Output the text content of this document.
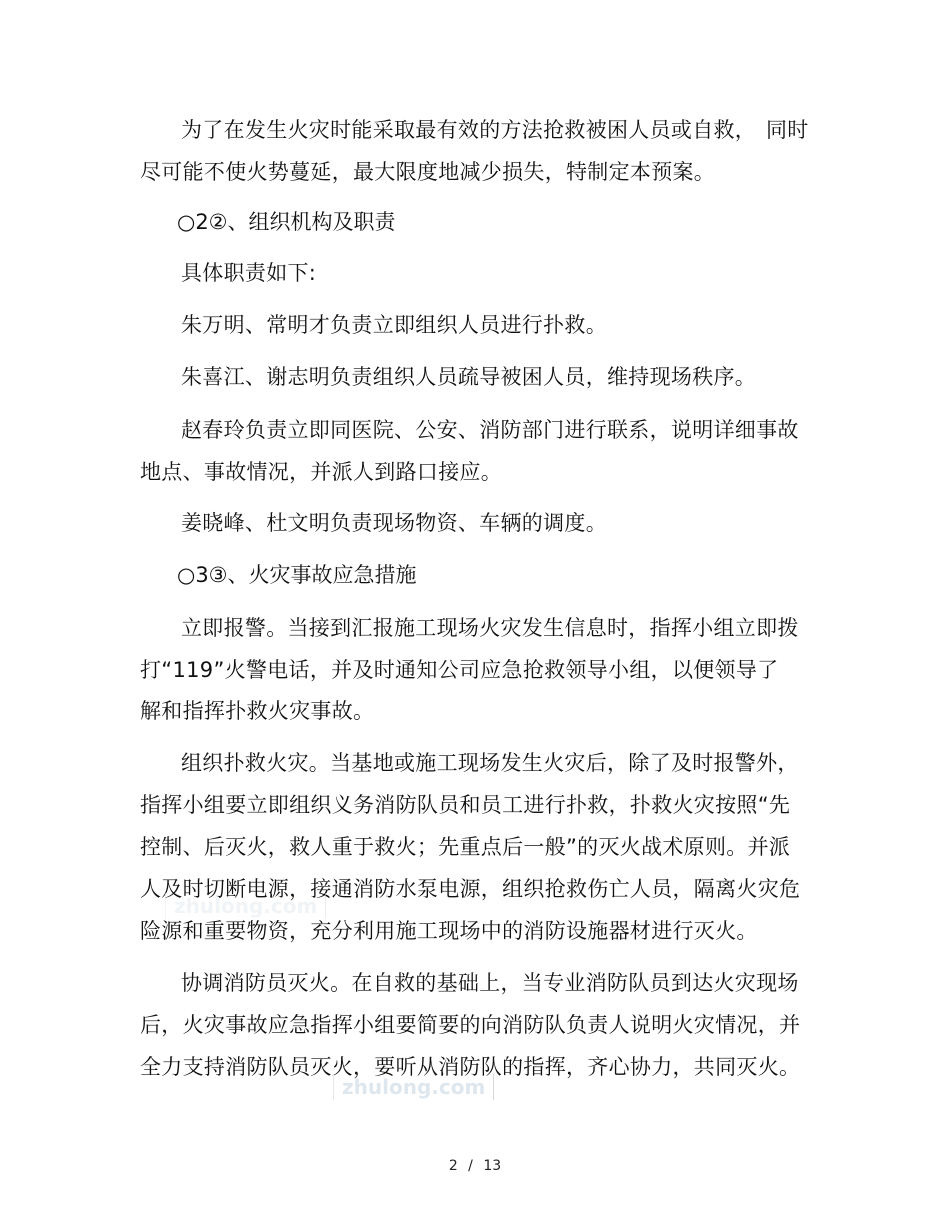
为了在发生火灾时能采取最有效的方法抢救被困人员或自救， 同时
尽可能不使火势蔓延，最大限度地减少损失，特制定本预案。
○2②、组织机构及职责
具体职责如下:
朱万明、常明才负责立即组织人员进行扑救。
朱喜江、谢志明负责组织人员疏导被困人员，维持现场秩序。
赵春玲负责立即同医院、公安、消防部门进行联系，说明详细事故
地点、事故情况，并派人到路口接应。
姜晓峰、杜文明负责现场物资、车辆的调度。
○3③、火灾事故应急措施
立即报警。当接到汇报施工现场火灾发生信息时，指挥小组立即拨
打“119”火警电话，并及时通知公司应急抢救领导小组，以便领导了
解和指挥扑救火灾事故。
组织扑救火灾。当基地或施工现场发生火灾后，除了及时报警外，
指挥小组要立即组织义务消防队员和员工进行扑救，扑救火灾按照“先
控制、后灭火，救人重于救火；先重点后一般”的灭火战术原则。并派
人及时切断电源，接通消防水泵电源，组织抢救伤亡人员，隔离火灾危
险源和重要物资，充分利用施工现场中的消防设施器材进行灭火。
协调消防员灭火。在自救的基础上，当专业消防队员到达火灾现场
后，火灾事故应急指挥小组要简要的向消防队负责人说明火灾情况，并
全力支持消防队员灭火，要听从消防队的指挥，齐心协力，共同灭火。
zhulong.com
zhulong.com
2 / 13
